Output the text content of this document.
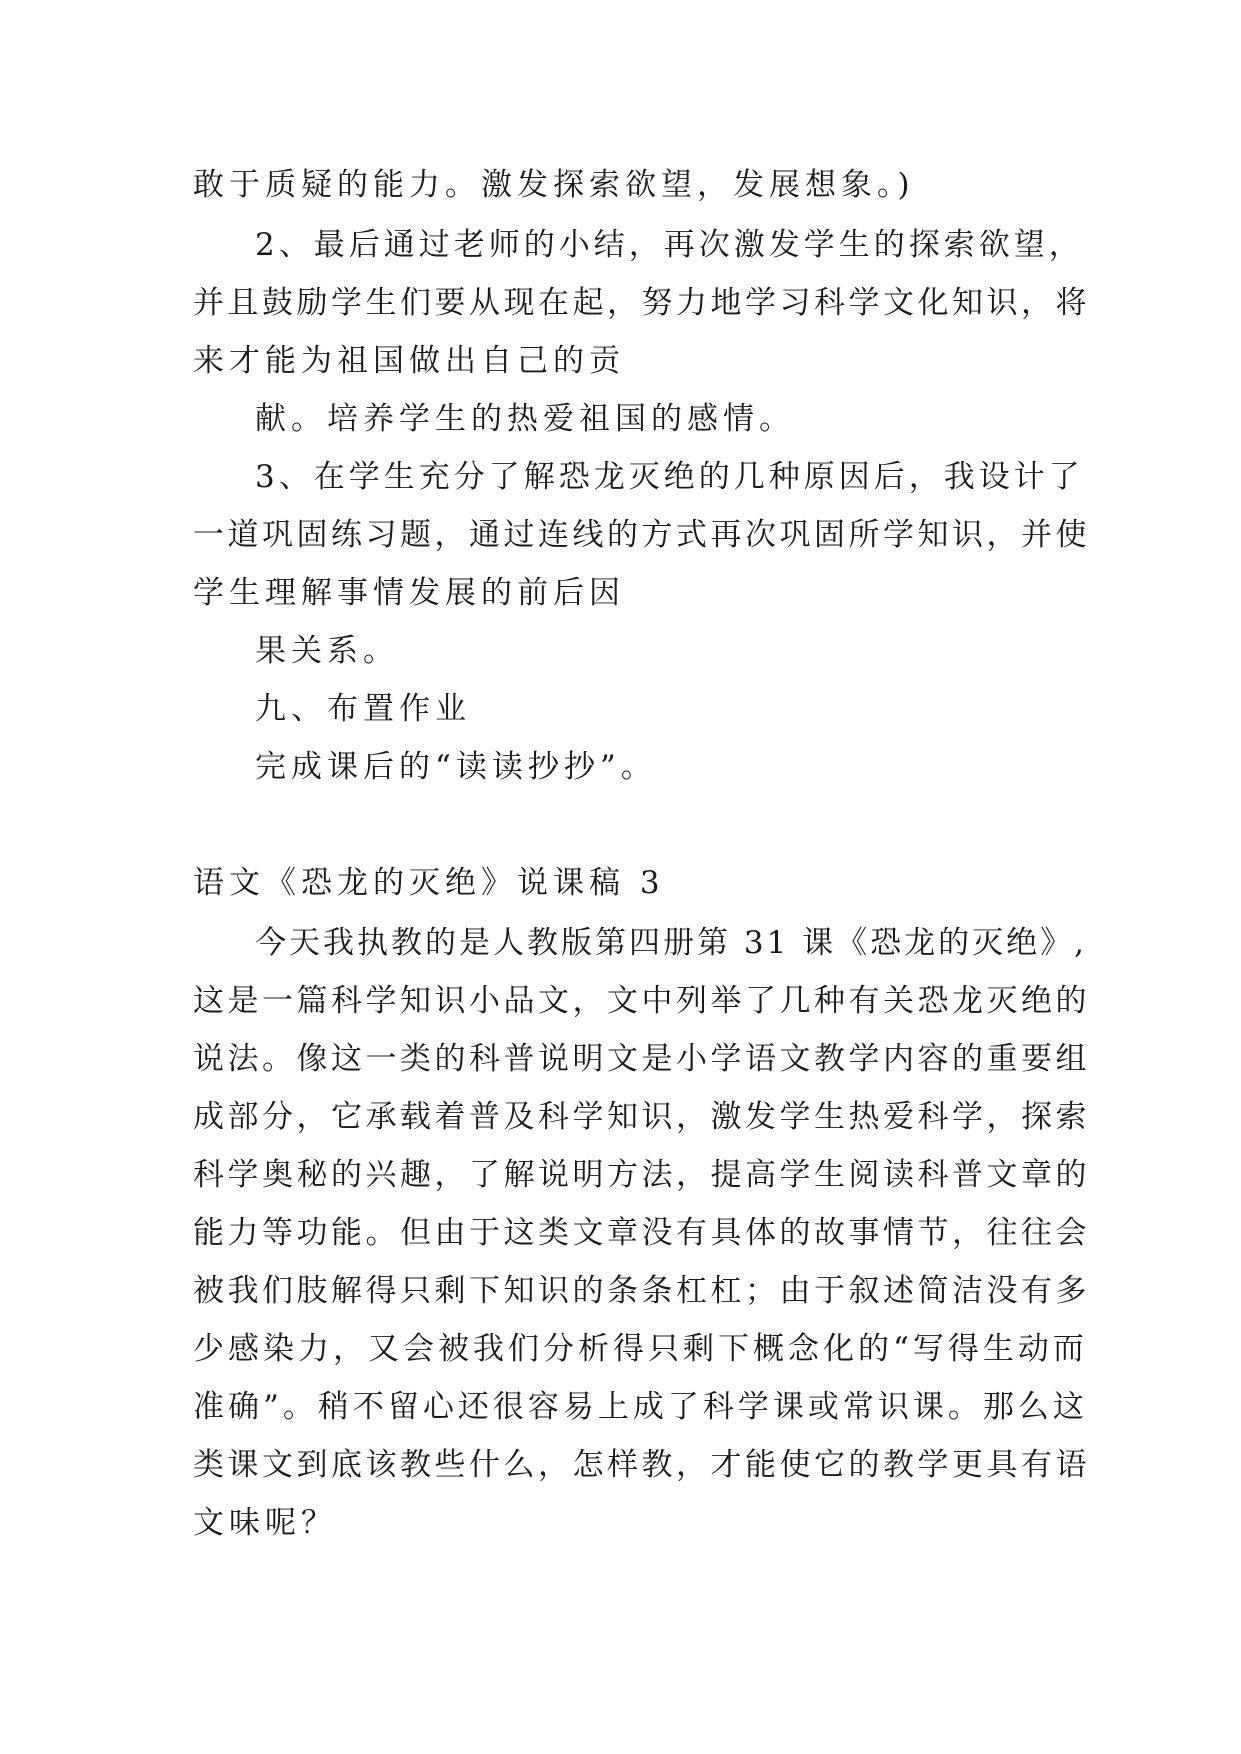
敢于质疑的能力。激发探索欲望，发展想象。)
2、最后通过老师的小结，再次激发学生的探索欲望，
并且鼓励学生们要从现在起，努力地学习科学文化知识，将
来才能为祖国做出自己的贡
献。培养学生的热爱祖国的感情。
3、在学生充分了解恐龙灭绝的几种原因后，我设计了
一道巩固练习题，通过连线的方式再次巩固所学知识，并使
学生理解事情发展的前后因
果关系。
九、布置作业
完成课后的“读读抄抄”。
语文《恐龙的灭绝》说课稿 3
今天我执教的是人教版第四册第 31 课《恐龙的灭绝》,
这是一篇科学知识小品文，文中列举了几种有关恐龙灭绝的
说法。像这一类的科普说明文是小学语文教学内容的重要组
成部分，它承载着普及科学知识，激发学生热爱科学，探索
科学奥秘的兴趣，了解说明方法，提高学生阅读科普文章的
能力等功能。但由于这类文章没有具体的故事情节，往往会
被我们肢解得只剩下知识的条条杠杠；由于叙述简洁没有多
少感染力，又会被我们分析得只剩下概念化的“写得生动而
准确”。稍不留心还很容易上成了科学课或常识课。那么这
类课文到底该教些什么，怎样教，才能使它的教学更具有语
文味呢？
